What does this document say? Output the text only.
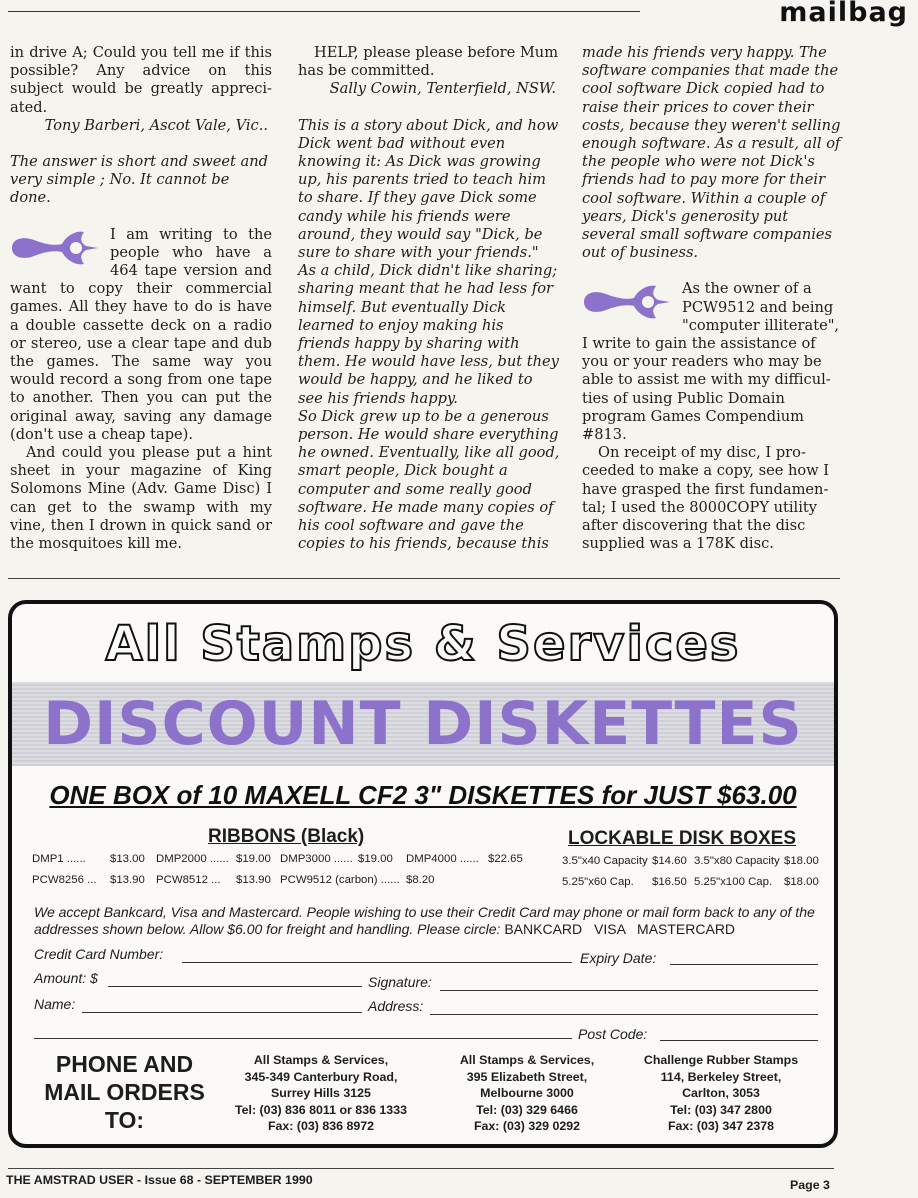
mailbag

in drive A; Could you tell me if this possible? Any advice on this subject would be greatly appreci-ated.

Tony Barberi, Ascot Vale, Vic..

The answer is short and sweet and very simple ; No. It cannot be done.

I am writing to the people who have a 464 tape version and want to copy their commercial games. All they have to do is have a double cassette deck on a radio or stereo, use a clear tape and dub the games. The same way you would record a song from one tape to another. Then you can put the original away, saving any damage (don't use a cheap tape).

And could you please put a hint sheet in your magazine of King Solomons Mine (Adv. Game Disc) I can get to the swamp with my vine, then I drown in quick sand or the mosquitoes kill me.

HELP, please please before Mum has be committed.

Sally Cowin, Tenterfield, NSW.

This is a story about Dick, and how Dick went bad without even knowing it: As Dick was growing up, his parents tried to teach him to share. If they gave Dick some candy while his friends were around, they would say "Dick, be sure to share with your friends." As a child, Dick didn't like sharing; sharing meant that he had less for himself. But eventually Dick learned to enjoy making his friends happy by sharing with them. He would have less, but they would be happy, and he liked to see his friends happy.

So Dick grew up to be a generous person. He would share everything he owned. Eventually, like all good, smart people, Dick bought a computer and some really good software. He made many copies of his cool software and gave the copies to his friends, because this

made his friends very happy. The software companies that made the cool software Dick copied had to raise their prices to cover their costs, because they weren't selling enough software. As a result, all of the people who were not Dick's friends had to pay more for their cool software. Within a couple of years, Dick's generosity put several small software companies out of business.

As the owner of a PCW9512 and being "computer illiterate", I write to gain the assistance of you or your readers who may be able to assist me with my difficul-ties of using Public Domain program Games Compendium #813.

On receipt of my disc, I pro-ceeded to make a copy, see how I have grasped the first fundamen-tal; I used the 8000COPY utility after discovering that the disc supplied was a 178K disc.

All Stamps & Services
DISCOUNT DISKETTES
ONE BOX of 10 MAXELL CF2 3" DISKETTES for JUST $63.00
RIBBONS (Black)
DMP1 ......	$13.00 DMP2000 ...... $19.00 DMP3000 ...... $19.00	DMP4000 ...... $22.65
PCW8256 ...	$13.90 PCW8512 ...	$13.90 PCW9512 (carbon) ...... $8.20
LOCKABLE DISK BOXES
3.5"x40 Capacity $14.60 3.5"x80 Capacity $18.00
5.25"x60 Cap.	$16.50 5.25"x100 Cap.	$18.00
We accept Bankcard, Visa and Mastercard. People wishing to use their Credit Card may phone or mail form back to any of the addresses shown below. Allow $6.00 for freight and handling. Please circle: BANKCARD VISA MASTERCARD
Credit Card Number:	Expiry Date:
Amount: $	Signature:
Name:	Address:
Post Code:
PHONE AND MAIL ORDERS TO:
All Stamps & Services,
345-349 Canterbury Road,
Surrey Hills 3125
Tel: (03) 836 8011 or 836 1333
Fax: (03) 836 8972
All Stamps & Services,
395 Elizabeth Street,
Melbourne 3000
Tel: (03) 329 6466
Fax: (03) 329 0292
Challenge Rubber Stamps
114, Berkeley Street,
Carlton, 3053
Tel: (03) 347 2800
Fax: (03) 347 2378
THE AMSTRAD USER - Issue 68 - SEPTEMBER 1990	Page 3
